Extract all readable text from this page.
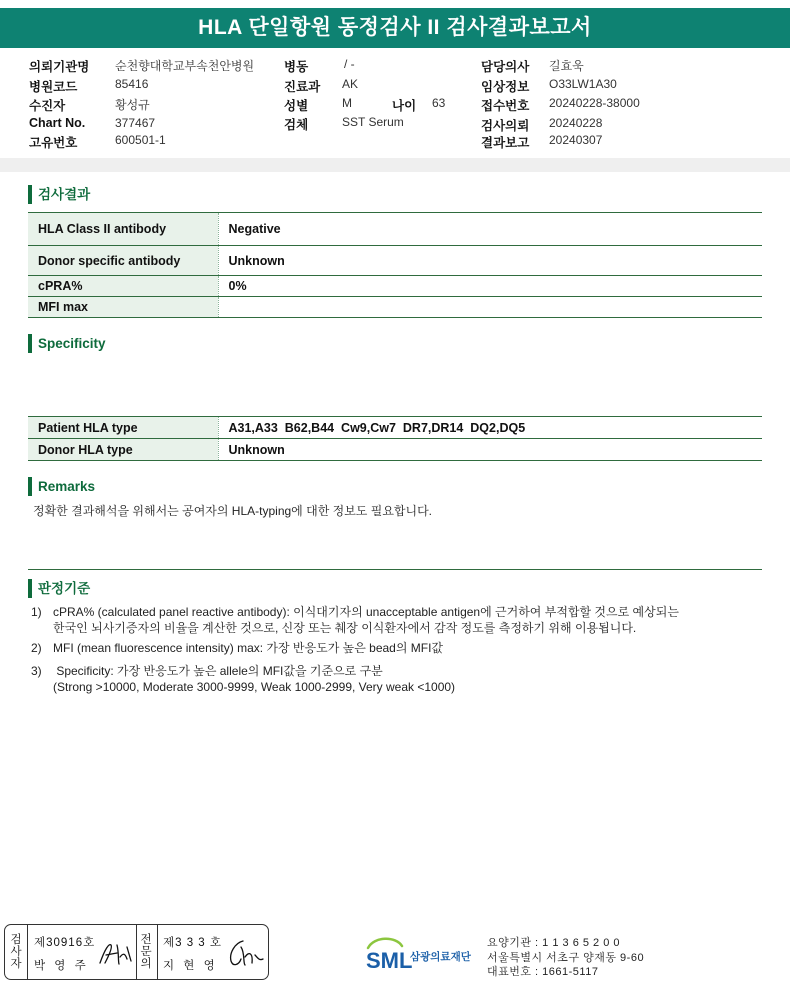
HLA 단일항원 동정검사 II 검사결과보고서
의뢰기관명 순천향대학교부속천안병원
병원코드	85416
수진자	황성규
Chart No. 377467
고유번호	600501-1
병동	/ -
진료과 AK
성별	M	나이 63
검체	SST Serum
담당의사 길효욱
임상정보 O33LW1A30
접수번호 20240228-38000
검사의뢰 20240228
결과보고 20240307
검사결과
HLA Class II antibody	Negative
Donor specific antibody	Unknown
cPRA%	0%
MFI max	
Specificity
Patient HLA type	A31,A33  B62,B44  Cw9,Cw7  DR7,DR14  DQ2,DQ5
Donor HLA type	Unknown
Remarks
정확한 결과해석을 위해서는 공여자의 HLA-typing에 대한 정보도 필요합니다.
판정기준
1) cPRA% (calculated panel reactive antibody): 이식대기자의 unacceptable antigen에 근거하여 부적합할 것으로 예상되는
한국인 뇌사기증자의 비율을 계산한 것으로, 신장 또는 췌장 이식환자에서 감작 정도를 측정하기 위해 이용됩니다.
2) MFI (mean fluorescence intensity) max: 가장 반응도가 높은 bead의 MFI값
3) Specificity: 가장 반응도가 높은 allele의 MFI값을 기준으로 구분
(Strong >10000, Moderate 3000-9999, Weak 1000-2999, Very weak <1000)
검
사
자
제30916호
박 영 주
전
문
의
제3 3 3 호
지 현 영	SML
삼광의료재단
요양기관 : 1 1 3 6 5 2 0 0
서울특별시 서초구 양재동 9-60
대표번호 : 1661-5117
